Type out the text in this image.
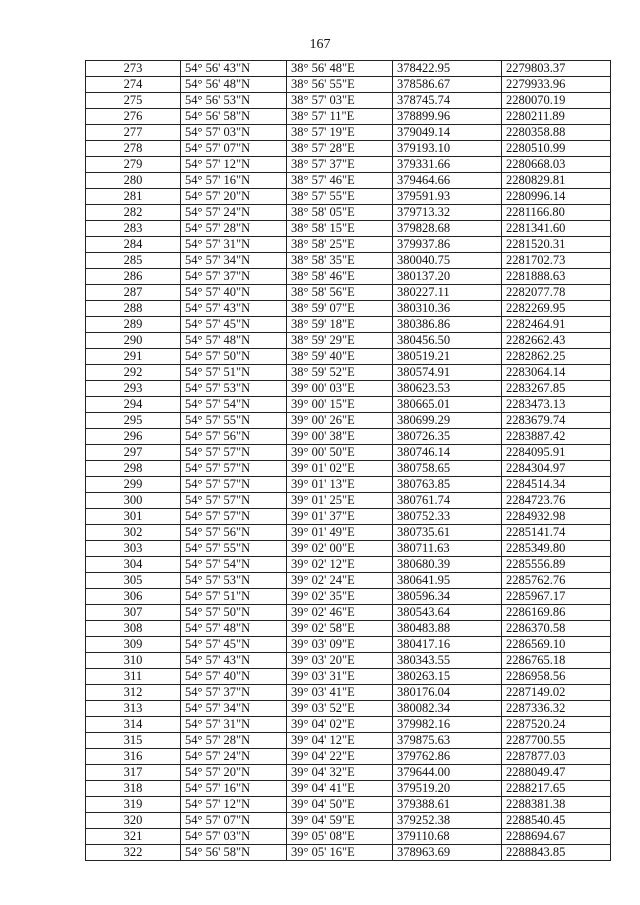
167
273	54° 56' 43"N	38° 56' 48"E	378422.95	2279803.37
274	54° 56' 48"N	38° 56' 55"E	378586.67	2279933.96
275	54° 56' 53"N	38° 57' 03"E	378745.74	2280070.19
276	54° 56' 58"N	38° 57' 11"E	378899.96	2280211.89
277	54° 57' 03"N	38° 57' 19"E	379049.14	2280358.88
278	54° 57' 07"N	38° 57' 28"E	379193.10	2280510.99
279	54° 57' 12"N	38° 57' 37"E	379331.66	2280668.03
280	54° 57' 16"N	38° 57' 46"E	379464.66	2280829.81
281	54° 57' 20"N	38° 57' 55"E	379591.93	2280996.14
282	54° 57' 24"N	38° 58' 05"E	379713.32	2281166.80
283	54° 57' 28"N	38° 58' 15"E	379828.68	2281341.60
284	54° 57' 31"N	38° 58' 25"E	379937.86	2281520.31
285	54° 57' 34"N	38° 58' 35"E	380040.75	2281702.73
286	54° 57' 37"N	38° 58' 46"E	380137.20	2281888.63
287	54° 57' 40"N	38° 58' 56"E	380227.11	2282077.78
288	54° 57' 43"N	38° 59' 07"E	380310.36	2282269.95
289	54° 57' 45"N	38° 59' 18"E	380386.86	2282464.91
290	54° 57' 48"N	38° 59' 29"E	380456.50	2282662.43
291	54° 57' 50"N	38° 59' 40"E	380519.21	2282862.25
292	54° 57' 51"N	38° 59' 52"E	380574.91	2283064.14
293	54° 57' 53"N	39° 00' 03"E	380623.53	2283267.85
294	54° 57' 54"N	39° 00' 15"E	380665.01	2283473.13
295	54° 57' 55"N	39° 00' 26"E	380699.29	2283679.74
296	54° 57' 56"N	39° 00' 38"E	380726.35	2283887.42
297	54° 57' 57"N	39° 00' 50"E	380746.14	2284095.91
298	54° 57' 57"N	39° 01' 02"E	380758.65	2284304.97
299	54° 57' 57"N	39° 01' 13"E	380763.85	2284514.34
300	54° 57' 57"N	39° 01' 25"E	380761.74	2284723.76
301	54° 57' 57"N	39° 01' 37"E	380752.33	2284932.98
302	54° 57' 56"N	39° 01' 49"E	380735.61	2285141.74
303	54° 57' 55"N	39° 02' 00"E	380711.63	2285349.80
304	54° 57' 54"N	39° 02' 12"E	380680.39	2285556.89
305	54° 57' 53"N	39° 02' 24"E	380641.95	2285762.76
306	54° 57' 51"N	39° 02' 35"E	380596.34	2285967.17
307	54° 57' 50"N	39° 02' 46"E	380543.64	2286169.86
308	54° 57' 48"N	39° 02' 58"E	380483.88	2286370.58
309	54° 57' 45"N	39° 03' 09"E	380417.16	2286569.10
310	54° 57' 43"N	39° 03' 20"E	380343.55	2286765.18
311	54° 57' 40"N	39° 03' 31"E	380263.15	2286958.56
312	54° 57' 37"N	39° 03' 41"E	380176.04	2287149.02
313	54° 57' 34"N	39° 03' 52"E	380082.34	2287336.32
314	54° 57' 31"N	39° 04' 02"E	379982.16	2287520.24
315	54° 57' 28"N	39° 04' 12"E	379875.63	2287700.55
316	54° 57' 24"N	39° 04' 22"E	379762.86	2287877.03
317	54° 57' 20"N	39° 04' 32"E	379644.00	2288049.47
318	54° 57' 16"N	39° 04' 41"E	379519.20	2288217.65
319	54° 57' 12"N	39° 04' 50"E	379388.61	2288381.38
320	54° 57' 07"N	39° 04' 59"E	379252.38	2288540.45
321	54° 57' 03"N	39° 05' 08"E	379110.68	2288694.67
322	54° 56' 58"N	39° 05' 16"E	378963.69	2288843.85
